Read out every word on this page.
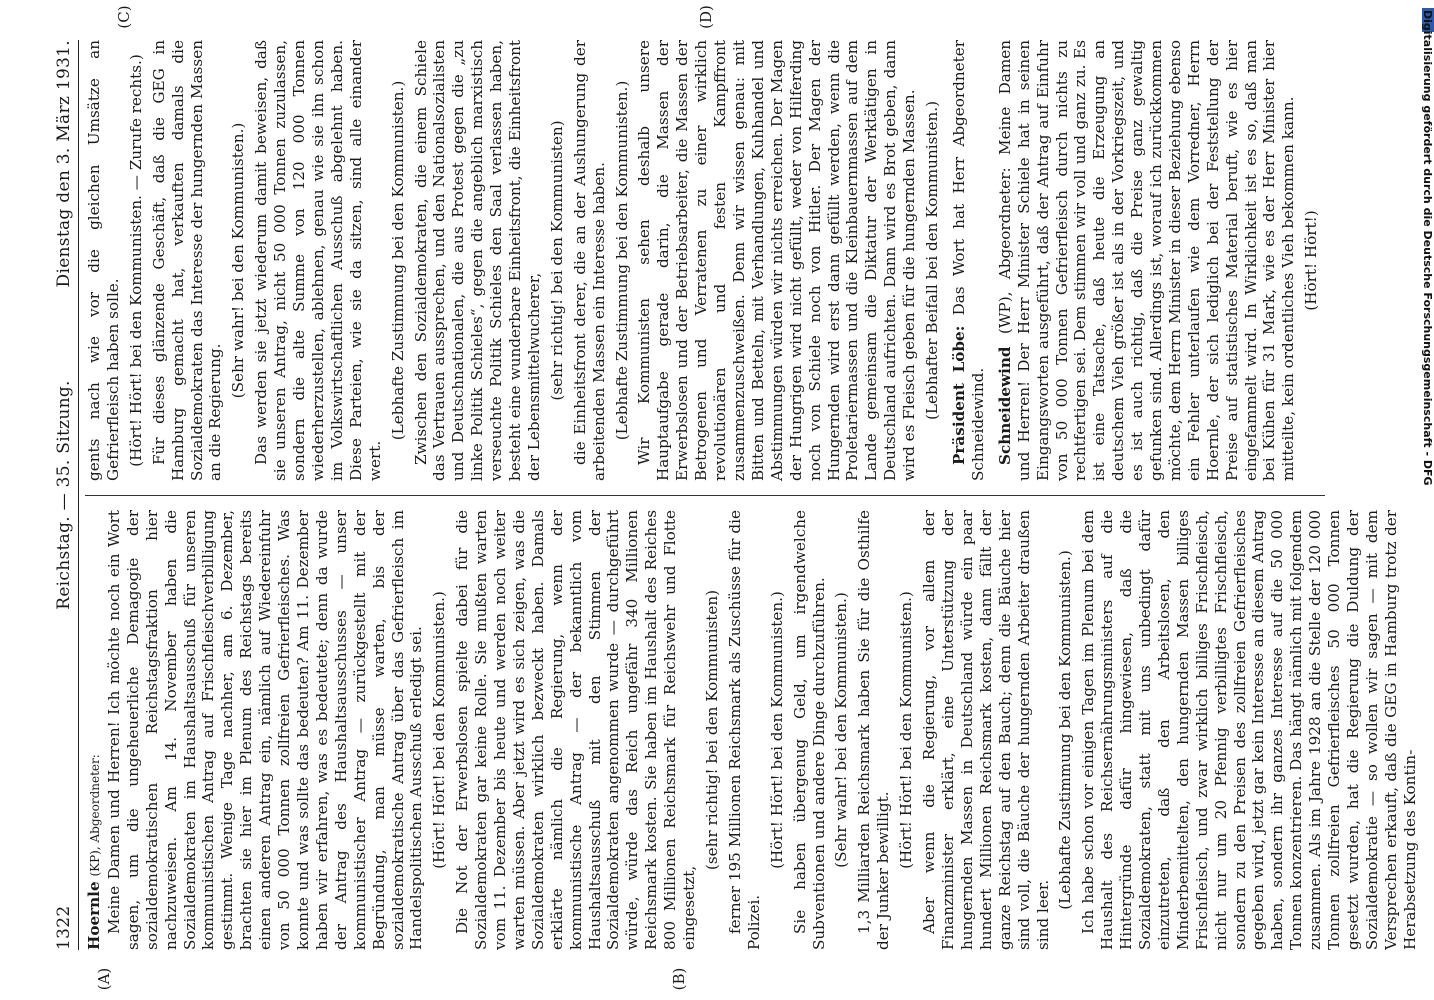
1322
Reichstag. — 35. Sitzung.
Dienstag den 3. März 1931.
(A)	(B)
(C)	(D)

Hoernle (KP), Abgeordneter: Meine Damen und Herren! Ich möchte noch ein Wort sagen, um die ungeheuerliche Demagogie der sozialdemokratischen Reichstagsfraktion hier nachzuweisen. Am 14. November haben die Sozialdemokraten im Haushaltsausschuß für unseren kommunistischen Antrag auf Frischfleischverbilligung gestimmt. Wenige Tage nachher, am 6. Dezember, brachten sie hier im Plenum des Reichstags bereits einen anderen Antrag ein, nämlich auf Wiedereinfuhr von 50 000 Tonnen zollfreien Gefrierfleisches. Was konnte und was sollte das bedeuten? Am 11. Dezember haben wir erfahren, was es bedeutete; denn da wurde der Antrag des Haushaltsausschusses — unser kommunistischer Antrag — zurückgestellt mit der Begründung, man müsse warten, bis der sozialdemokratische Antrag über das Gefrierfleisch im Handelspolitischen Ausschuß erledigt sei. (Hört! Hört! bei den Kommunisten.) Die Not der Erwerbslosen spielte dabei für die Sozialdemokraten gar keine Rolle. Sie mußten warten vom 11. Dezember bis heute und werden noch weiter warten müssen. Aber jetzt wird es sich zeigen, was die Sozialdemokraten wirklich bezweckt haben. Damals erklärte nämlich die Regierung, wenn der kommunistische Antrag — der bekanntlich vom Haushaltsausschuß mit den Stimmen der Sozialdemokraten angenommen wurde — durchgeführt würde, würde das Reich ungefähr 340 Millionen Reichsmark kosten. Sie haben im Haushalt des Reiches 800 Millionen Reichsmark für Reichswehr und Flotte eingesetzt,

(sehr richtig! bei den Kommunisten) ferner 195 Millionen Reichsmark als Zuschüsse für die Polizei.

(Hört! Hört! bei den Kommunisten.) Sie haben übergenug Geld, um irgendwelche Subventionen und andere Dinge durchzuführen. (Sehr wahr! bei den Kommunisten.) 1,3 Milliarden Reichsmark haben Sie für die Osthilfe der Junker bewilligt.

(Hört! Hört! bei den Kommunisten.) Aber wenn die Regierung, vor allem der Finanzminister erklärt, eine Unterstützung der hungernden Massen in Deutschland würde ein paar hundert Millionen Reichsmark kosten, dann fällt der ganze Reichstag auf den Bauch; denn die Bäuche hier sind voll, die Bäuche der hungernden Arbeiter draußen sind leer.

(Lebhafte Zustimmung bei den Kommunisten.) Ich habe schon vor einigen Tagen im Plenum bei dem Haushalt des Reichsernährungsministers auf die Hintergründe dafür hingewiesen, daß die Sozialdemokraten, statt mit uns unbedingt dafür einzutreten, daß den Arbeitslosen, den Minderbemittelten, den hungernden Massen billiges Frischfleisch, und zwar wirklich billiges Frischfleisch, nicht nur um 20 Pfennig verbilligtes Frischfleisch, sondern zu den Preisen des zollfreien Gefrierfleisches gegeben wird, jetzt gar kein Interesse an diesem Antrag haben, sondern ihr ganzes Interesse auf die 50 000 Tonnen konzentrieren. Das hängt nämlich mit folgendem zusammen. Als im Jahre 1928 an die Stelle der 120 000 Tonnen zollfreien Gefrierfleisches 50 000 Tonnen gesetzt wurden, hat die Regierung die Duldung der Sozialdemokratie — so wollen wir sagen — mit dem Versprechen erkauft, daß die GEG in Hamburg trotz der Herabsetzung des Kontin-

gents nach wie vor die gleichen Umsätze an Gefrierfleisch haben solle. (Hört! Hört! bei den Kommunisten. — Zurufe rechts.) Für dieses glänzende Geschäft, daß die GEG in Hamburg gemacht hat, verkauften damals die Sozialdemokraten das Interesse der hungernden Massen an die Regierung.

(Sehr wahr! bei den Kommunisten.) Das werden sie jetzt wiederum damit beweisen, daß sie unseren Antrag, nicht 50 000 Tonnen zuzulassen, sondern die alte Summe von 120 000 Tonnen wiederherzustellen, ablehnen, genau wie sie ihn schon im Volkswirtschaftlichen Ausschuß abgelehnt haben. Diese Parteien, wie sie da sitzen, sind alle einander wert.

(Lebhafte Zustimmung bei den Kommunisten.) Zwischen den Sozialdemokraten, die einem Schiele das Vertrauen aussprechen, und den Nationalsozialisten und Deutschnationalen, die aus Protest gegen die „zu linke Politik Schieles“, gegen die angeblich marxistisch verseuchte Politik Schieles den Saal verlassen haben, besteht eine wunderbare Einheitsfront, die Einheitsfront der Lebensmittelwucherer, (sehr richtig! bei den Kommunisten) die Einheitsfront derer, die an der Aushungerung der arbeitenden Massen ein Interesse haben. (Lebhafte Zustimmung bei den Kommunisten.) Wir Kommunisten sehen deshalb unsere Hauptaufgabe gerade darin, die Massen der Erwerbslosen und der Betriebsarbeiter, die Massen der Betrogenen und Verratenen zu einer wirklich revolutionären und festen Kampffront zusammenzuschweißen. Denn wir wissen genau: mit Bitten und Betteln, mit Verhandlungen, Kuhhandel und Abstimmungen würden wir nichts erreichen. Der Magen der Hungrigen wird nicht gefüllt, weder von Hilferding noch von Schiele noch von Hitler. Der Magen der Hungernden wird erst dann gefüllt werden, wenn die Proletariermassen und die Kleinbauernmassen auf dem Lande gemeinsam die Diktatur der Werktätigen in Deutschland aufrichten. Dann wird es Brot geben, dann wird es Fleisch geben für die hungernden Massen. (Lebhafter Beifall bei den Kommunisten.) Präsident Löbe: Das Wort hat Herr Abgeordneter Schneidewind. Schneidewind (WP), Abgeordneter: Meine Damen und Herren! Der Herr Minister Schiele hat in seinen Eingangsworten ausgeführt, daß der Antrag auf Einfuhr von 50 000 Tonnen Gefrierfleisch durch nichts zu rechtfertigen sei. Dem stimmen wir voll und ganz zu. Es ist eine Tatsache, daß heute die Erzeugung an deutschem Vieh größer ist als in der Vorkriegszeit, und es ist auch richtig, daß die Preise ganz gewaltig gefunken sind. Allerdings ist, worauf ich zurückkommen möchte, dem Herrn Minister in dieser Beziehung ebenso ein Fehler unterlaufen wie dem Vorredner, Herrn Hoernle, der sich lediglich bei der Feststellung der Preise auf statistisches Material beruft, wie es hier eingefammelt wird. In Wirklichkeit ist es so, daß man bei Kühen für 31 Mark, wie es der Herr Minister hier mitteilte, kein ordentliches Vieh bekommen kann. (Hört! Hört!)	Digitalisierung gefördert durch die Deutsche Forschungsgemeinschaft - DFG
